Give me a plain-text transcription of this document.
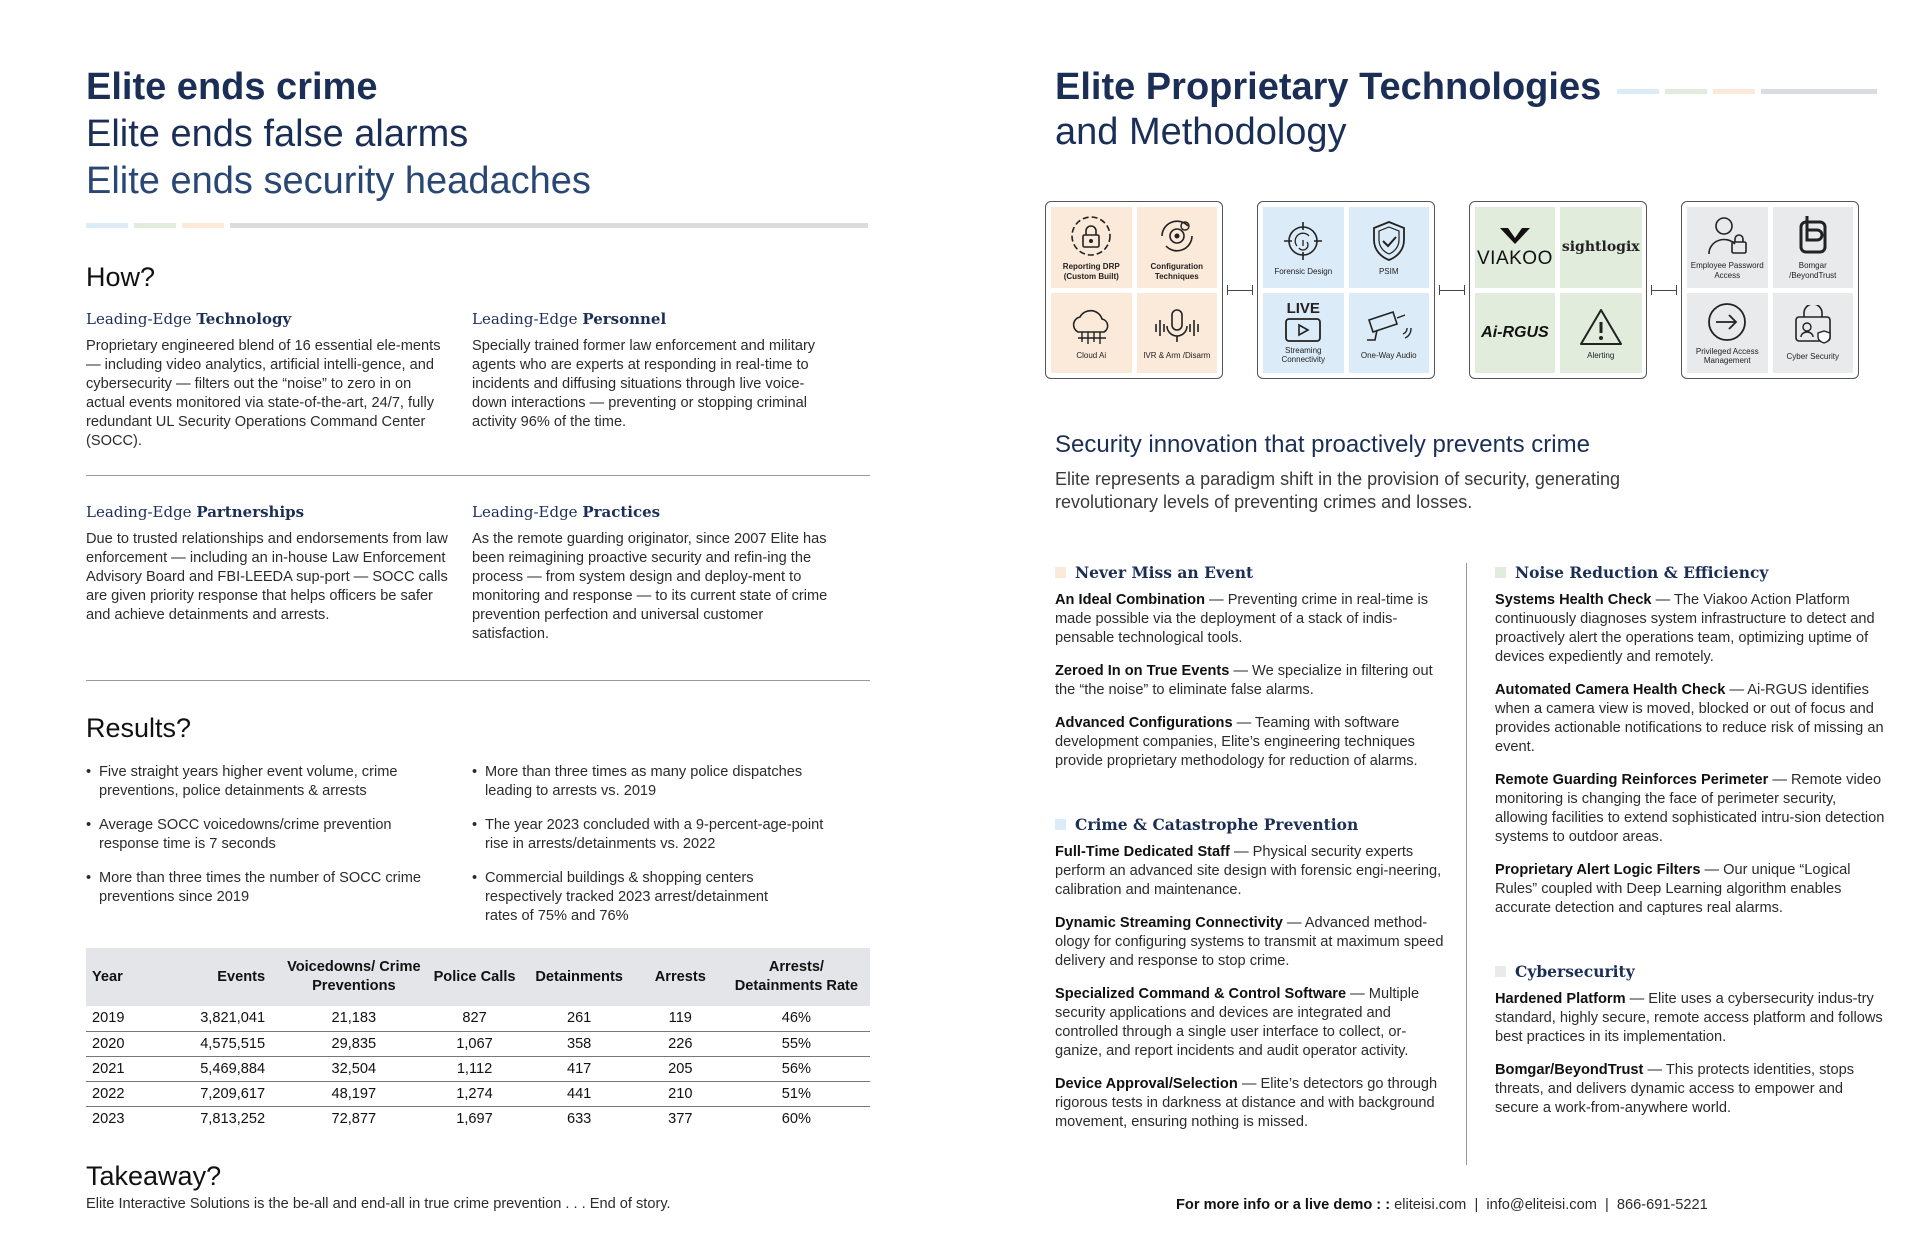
Elite ends crime
Elite ends false alarms
Elite ends security headaches
How?
Leading-Edge Technology
Proprietary engineered blend of 16 essential ele-ments — including video analytics, artificial intelli-gence, and cybersecurity — filters out the “noise” to zero in on actual events monitored via state-of-the-art, 24/7, fully redundant UL Security Operations Command Center (SOCC).
Leading-Edge Personnel
Specially trained former law enforcement and military agents who are experts at responding in real-time to incidents and diffusing situations through live voice-down interactions — preventing or stopping criminal activity 96% of the time.
Leading-Edge Partnerships
Due to trusted relationships and endorsements from law enforcement — including an in-house Law Enforcement Advisory Board and FBI-LEEDA sup-port — SOCC calls are given priority response that helps officers be safer and achieve detainments and arrests.
Leading-Edge Practices
As the remote guarding originator, since 2007 Elite has been reimagining proactive security and refin-ing the process — from system design and deploy-ment to monitoring and response — to its current state of crime prevention perfection and universal customer satisfaction.
Results?
• Five straight years higher event volume, crime preventions, police detainments & arrests
• Average SOCC voicedowns/crime prevention response time is 7 seconds
• More than three times the number of SOCC crime preventions since 2019
• More than three times as many police dispatches leading to arrests vs. 2019
• The year 2023 concluded with a 9-percent-age-point rise in arrests/detainments vs. 2022
• Commercial buildings & shopping centers respectively tracked 2023 arrest/detainment rates of 75% and 76%
Year	Events	Voicedowns/ Crime Preventions	Police Calls	Detainments	Arrests	Arrests/ Detainments Rate
2019	3,821,041	21,183	827	261	119	46%
2020	4,575,515	29,835	1,067	358	226	55%
2021	5,469,884	32,504	1,112	417	205	56%
2022	7,209,617	48,197	1,274	441	210	51%
2023	7,813,252	72,877	1,697	633	377	60%
Takeaway?
Elite Interactive Solutions is the be-all and end-all in true crime prevention . . . End of story.
Elite Proprietary Technologies
and Methodology
Security innovation that proactively prevents crime
Elite represents a paradigm shift in the provision of security, generating revolutionary levels of preventing crimes and losses.
Reporting DRP (Custom Built)
Configuration Techniques
Cloud Ai	IVR & Arm /Disarm
Forensic Design	PSIM
LIVE
Streaming Connectivity
One-Way Audio
VIAKOO
sightlogix
Ai-RGUS
Alerting
Employee Password Access
Bomgar /BeyondTrust
Privileged Access Management
Cyber Security
Never Miss an Event
An Ideal Combination — Preventing crime in real-time is made possible via the deployment of a stack of indis-pensable technological tools.
Zeroed In on True Events — We specialize in filtering out the “the noise” to eliminate false alarms.
Advanced Configurations — Teaming with software development companies, Elite’s engineering techniques provide proprietary methodology for reduction of alarms.
Crime & Catastrophe Prevention
Full-Time Dedicated Staff — Physical security experts perform an advanced site design with forensic engi-neering, calibration and maintenance.
Dynamic Streaming Connectivity — Advanced method-ology for configuring systems to transmit at maximum speed delivery and response to stop crime.
Specialized Command & Control Software — Multiple security applications and devices are integrated and controlled through a single user interface to collect, or-ganize, and report incidents and audit operator activity.
Device Approval/Selection — Elite’s detectors go through rigorous tests in darkness at distance and with background movement, ensuring nothing is missed.
Noise Reduction & Efficiency
Systems Health Check — The Viakoo Action Platform continuously diagnoses system infrastructure to detect and proactively alert the operations team, optimizing uptime of devices expediently and remotely.
Automated Camera Health Check — Ai-RGUS identifies when a camera view is moved, blocked or out of focus and provides actionable notifications to reduce risk of missing an event.
Remote Guarding Reinforces Perimeter — Remote video monitoring is changing the face of perimeter security, allowing facilities to extend sophisticated intru-sion detection systems to outdoor areas.
Proprietary Alert Logic Filters — Our unique “Logical Rules” coupled with Deep Learning algorithm enables accurate detection and captures real alarms.
Cybersecurity
Hardened Platform — Elite uses a cybersecurity indus-try standard, highly secure, remote access platform and follows best practices in its implementation.
Bomgar/BeyondTrust — This protects identities, stops threats, and delivers dynamic access to empower and secure a work-from-anywhere world.
For more info or a live demo : : eliteisi.com | info@eliteisi.com | 866-691-5221
